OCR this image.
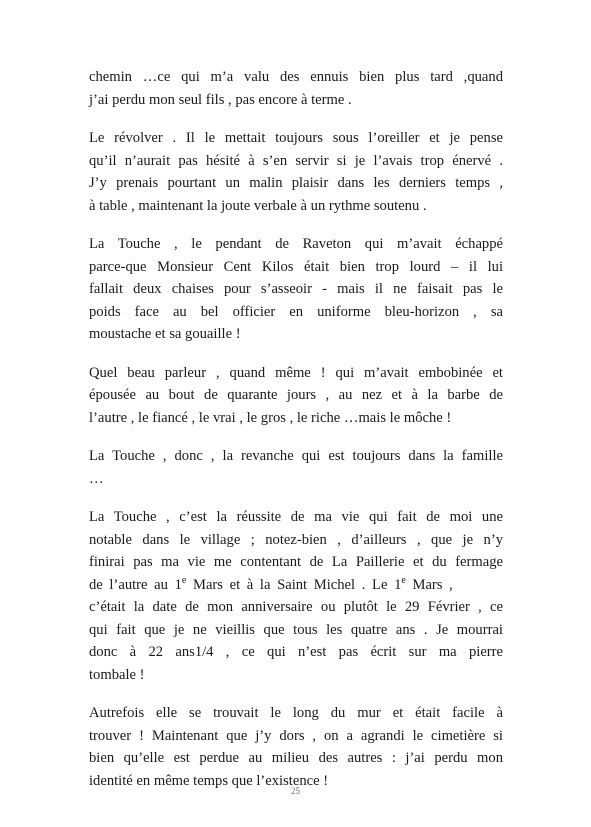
chemin …ce qui m’a valu des ennuis bien plus tard ,quand
j’ai perdu mon seul fils , pas encore à terme .

Le révolver . Il le mettait toujours sous l’oreiller et je pense
qu’il n’aurait pas hésité à s’en servir si je l’avais trop énervé .
J’y prenais pourtant un malin plaisir dans les derniers temps ,
à table , maintenant la joute verbale à un rythme soutenu .

La Touche , le pendant de Raveton qui m’avait échappé
parce-que Monsieur Cent Kilos était bien trop lourd – il lui
fallait deux chaises pour s’asseoir - mais il ne faisait pas le
poids face au bel officier en uniforme bleu-horizon , sa
moustache et sa gouaille !

Quel beau parleur , quand même ! qui m’avait embobinée et
épousée au bout de quarante jours , au nez et à la barbe de
l’autre , le fiancé , le vrai , le gros , le riche …mais le môche !

La Touche , donc , la revanche qui est toujours dans la famille
…

La Touche , c’est la réussite de ma vie qui fait de moi une
notable dans le village ; notez-bien , d’ailleurs , que je n’y
finirai pas ma vie me contentant de La Paillerie et du fermage
de l’autre au 1e Mars et à la Saint Michel . Le 1e Mars ,
c’était la date de mon anniversaire ou plutôt le 29 Février , ce
qui fait que je ne vieillis que tous les quatre ans . Je mourrai
donc à 22 ans1/4 , ce qui n’est pas écrit sur ma pierre
tombale !

Autrefois elle se trouvait le long du mur et était facile à
trouver ! Maintenant que j’y dors , on a agrandi le cimetière si
bien qu’elle est perdue au milieu des autres : j’ai perdu mon
identité en même temps que l’existence !

25
